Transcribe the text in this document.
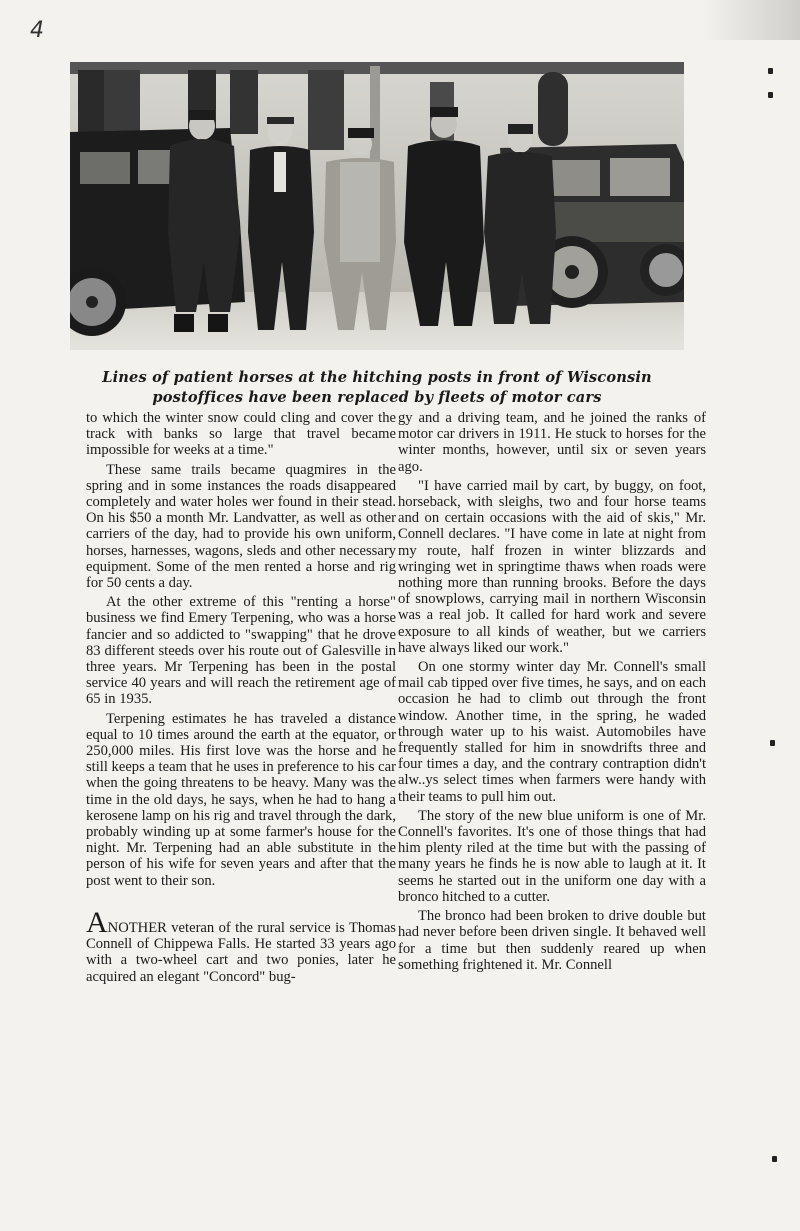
4
Lines of patient horses at the hitching posts in front of Wisconsin
postoffices have been replaced by fleets of motor cars

to which the winter snow could cling and cover the track with banks so large that travel became impossible for weeks at a time."

These same trails became quagmires in the spring and in some instances the roads disappeared completely and water holes wer found in their stead. On his $50 a month Mr. Landvatter, as well as other carriers of the day, had to provide his own uniform, horses, harnesses, wagons, sleds and other necessary equipment. Some of the men rented a horse and rig for 50 cents a day.

At the other extreme of this "renting a horse" business we find Emery Terpening, who was a horse fancier and so addicted to "swapping" that he drove 83 different steeds over his route out of Galesville in three years. Mr Terpening has been in the postal service 40 years and will reach the retirement age of 65 in 1935.

Terpening estimates he has traveled a distance equal to 10 times around the earth at the equator, or 250,000 miles. His first love was the horse and he still keeps a team that he uses in preference to his car when the going threatens to be heavy. Many was the time in the old days, he says, when he had to hang a kerosene lamp on his rig and travel through the dark, probably winding up at some farmer's house for the night. Mr. Terpening had an able substitute in the person of his wife for seven years and after that the post went to their son.

ANOTHER veteran of the rural service is Thomas Connell of Chippewa Falls. He started 33 years ago with a two-wheel cart and two ponies, later he acquired an elegant "Concord" bug-

gy and a driving team, and he joined the ranks of motor car drivers in 1911. He stuck to horses for the winter months, however, until six or seven years ago.

"I have carried mail by cart, by buggy, on foot, horseback, with sleighs, two and four horse teams and on certain occasions with the aid of skis," Mr. Connell declares. "I have come in late at night from my route, half frozen in winter blizzards and wringing wet in springtime thaws when roads were nothing more than running brooks. Before the days of snowplows, carrying mail in northern Wisconsin was a real job. It called for hard work and severe exposure to all kinds of weather, but we carriers have always liked our work."

On one stormy winter day Mr. Connell's small mail cab tipped over five times, he says, and on each occasion he had to climb out through the front window. Another time, in the spring, he waded through water up to his waist. Automobiles have frequently stalled for him in snowdrifts three and four times a day, and the contrary contraption didn't alw..ys select times when farmers were handy with their teams to pull him out.

The story of the new blue uniform is one of Mr. Connell's favorites. It's one of those things that had him plenty riled at the time but with the passing of many years he finds he is now able to laugh at it. It seems he started out in the uniform one day with a bronco hitched to a cutter.

The bronco had been broken to drive double but had never before been driven single. It behaved well for a time but then suddenly reared up when something frightened it. Mr. Connell
